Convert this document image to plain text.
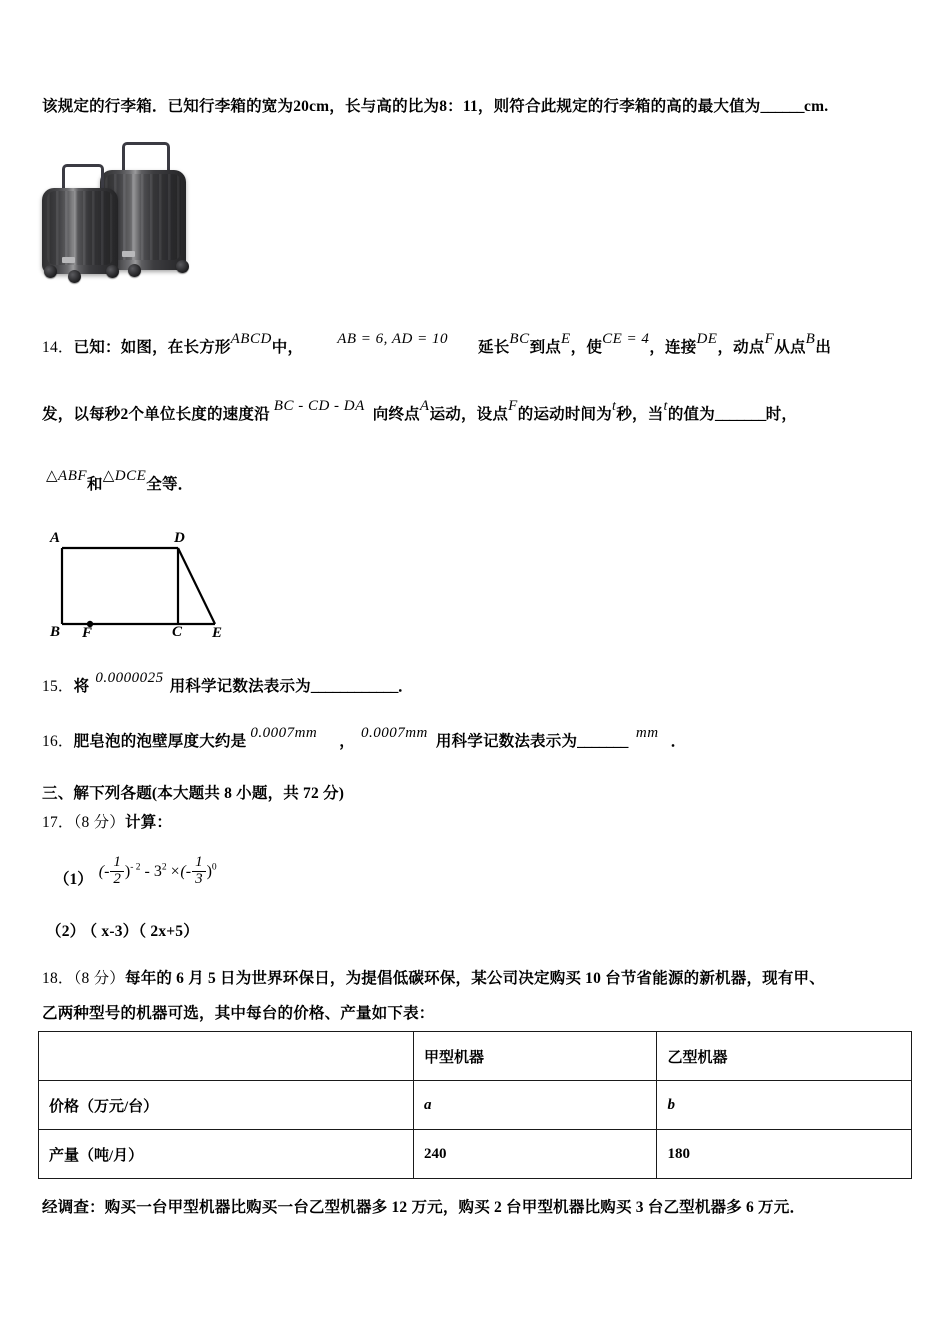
该规定的行李箱．已知行李箱的宽为20cm，长与高的比为8：11，则符合此规定的行李箱的高的最大值为______cm.
14．已知：如图，在长方形ABCD中， AB = 6, AD = 10 延长BC到点E，使CE = 4，连接DE，动点F从点B出
发，以每秒2个单位长度的速度沿 BC - CD - DA 向终点A运动，设点F的运动时间为t秒，当t的值为_______时，
△ABF和△DCE全等．
A	D
B F	C E
15．将 0.0000025 用科学记数法表示为____________．
16．肥皂泡的泡壁厚度大约是 0.0007mm ， 0.0007mm 用科学记数法表示为_______ mm ．
三、解下列各题(本大题共 8 小题，共 72 分)
17．（8 分）计算：
（1） (- $\frac{1}{2} )^{- 2} - 3^2$ ×(- $\frac{1}{3} )^0$
（2） （ x-3）（ 2x+5）
18．（8 分）每年的 6 月 5 日为世界环保日，为提倡低碳环保，某公司决定购买 10 台节省能源的新机器，现有甲、
乙两种型号的机器可选，其中每台的价格、产量如下表：
	甲型机器	乙型机器
价格（万元/台）	a	b
产量（吨/月）	240	180
经调查：购买一台甲型机器比购买一台乙型机器多 12 万元，购买 2 台甲型机器比购买 3 台乙型机器多 6 万元．
